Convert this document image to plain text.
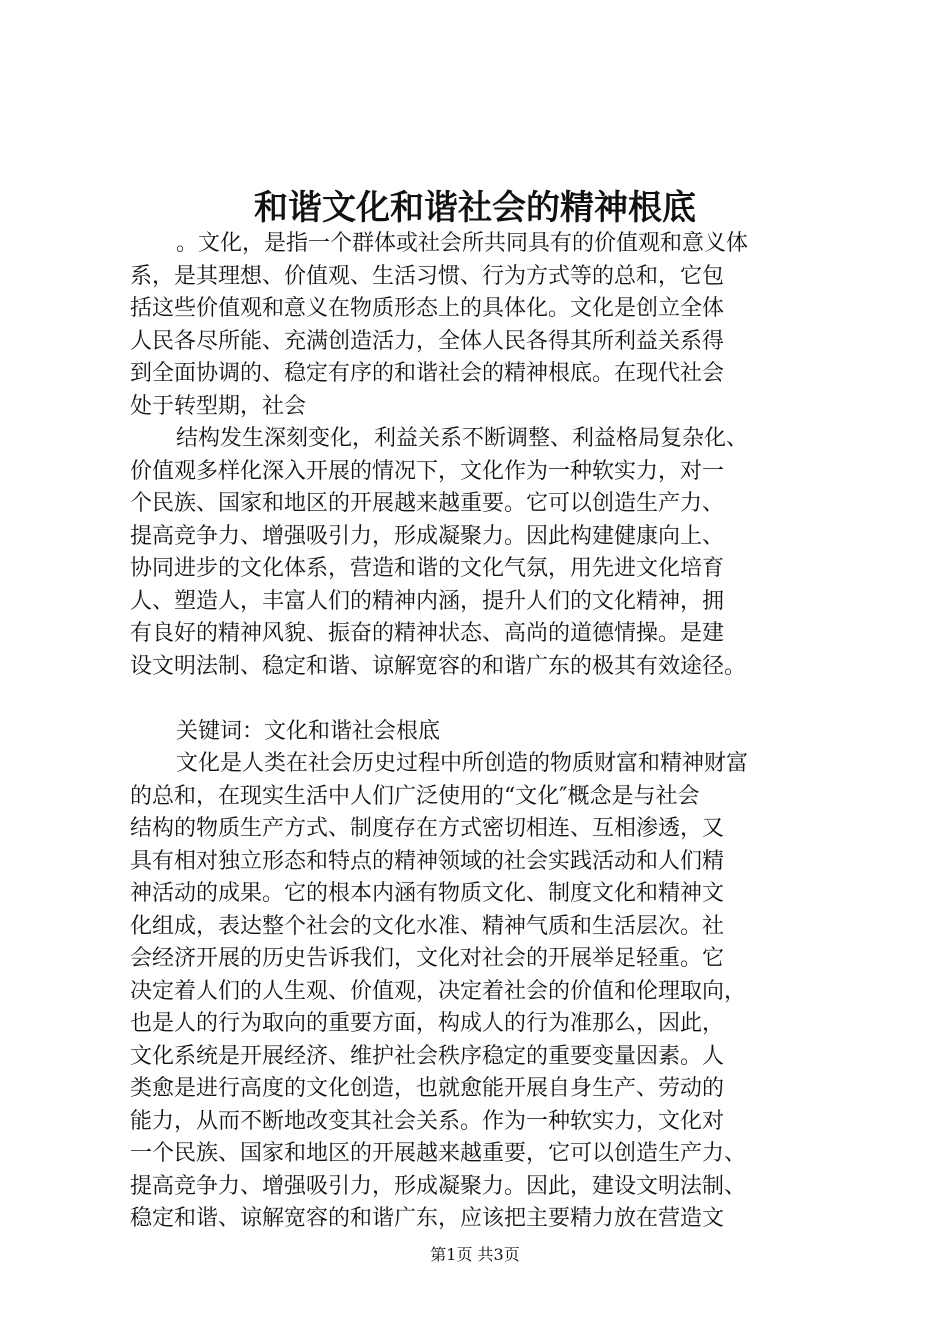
和谐文化和谐社会的精神根底
。文化，是指一个群体或社会所共同具有的价值观和意义体
系，是其理想、价值观、生活习惯、行为方式等的总和，它包
括这些价值观和意义在物质形态上的具体化。文化是创立全体
人民各尽所能、充满创造活力，全体人民各得其所利益关系得
到全面协调的、稳定有序的和谐社会的精神根底。在现代社会
处于转型期，社会
结构发生深刻变化，利益关系不断调整、利益格局复杂化、
价值观多样化深入开展的情况下，文化作为一种软实力，对一
个民族、国家和地区的开展越来越重要。它可以创造生产力、
提高竞争力、增强吸引力，形成凝聚力。因此构建健康向上、
协同进步的文化体系，营造和谐的文化气氛，用先进文化培育
人、塑造人，丰富人们的精神内涵，提升人们的文化精神，拥
有良好的精神风貌、振奋的精神状态、高尚的道德情操。是建
设文明法制、稳定和谐、谅解宽容的和谐广东的极其有效途径。
关键词：文化和谐社会根底
文化是人类在社会历史过程中所创造的物质财富和精神财富
的总和，在现实生活中人们广泛使用的“文化″概念是与社会
结构的物质生产方式、制度存在方式密切相连、互相渗透，又
具有相对独立形态和特点的精神领域的社会实践活动和人们精
神活动的成果。它的根本内涵有物质文化、制度文化和精神文
化组成，表达整个社会的文化水准、精神气质和生活层次。社
会经济开展的历史告诉我们，文化对社会的开展举足轻重。它
决定着人们的人生观、价值观，决定着社会的价值和伦理取向，
也是人的行为取向的重要方面，构成人的行为准那么，因此，
文化系统是开展经济、维护社会秩序稳定的重要变量因素。人
类愈是进行高度的文化创造，也就愈能开展自身生产、劳动的
能力，从而不断地改变其社会关系。作为一种软实力，文化对
一个民族、国家和地区的开展越来越重要，它可以创造生产力、
提高竞争力、增强吸引力，形成凝聚力。因此，建设文明法制、
稳定和谐、谅解宽容的和谐广东，应该把主要精力放在营造文
第1页 共3页
